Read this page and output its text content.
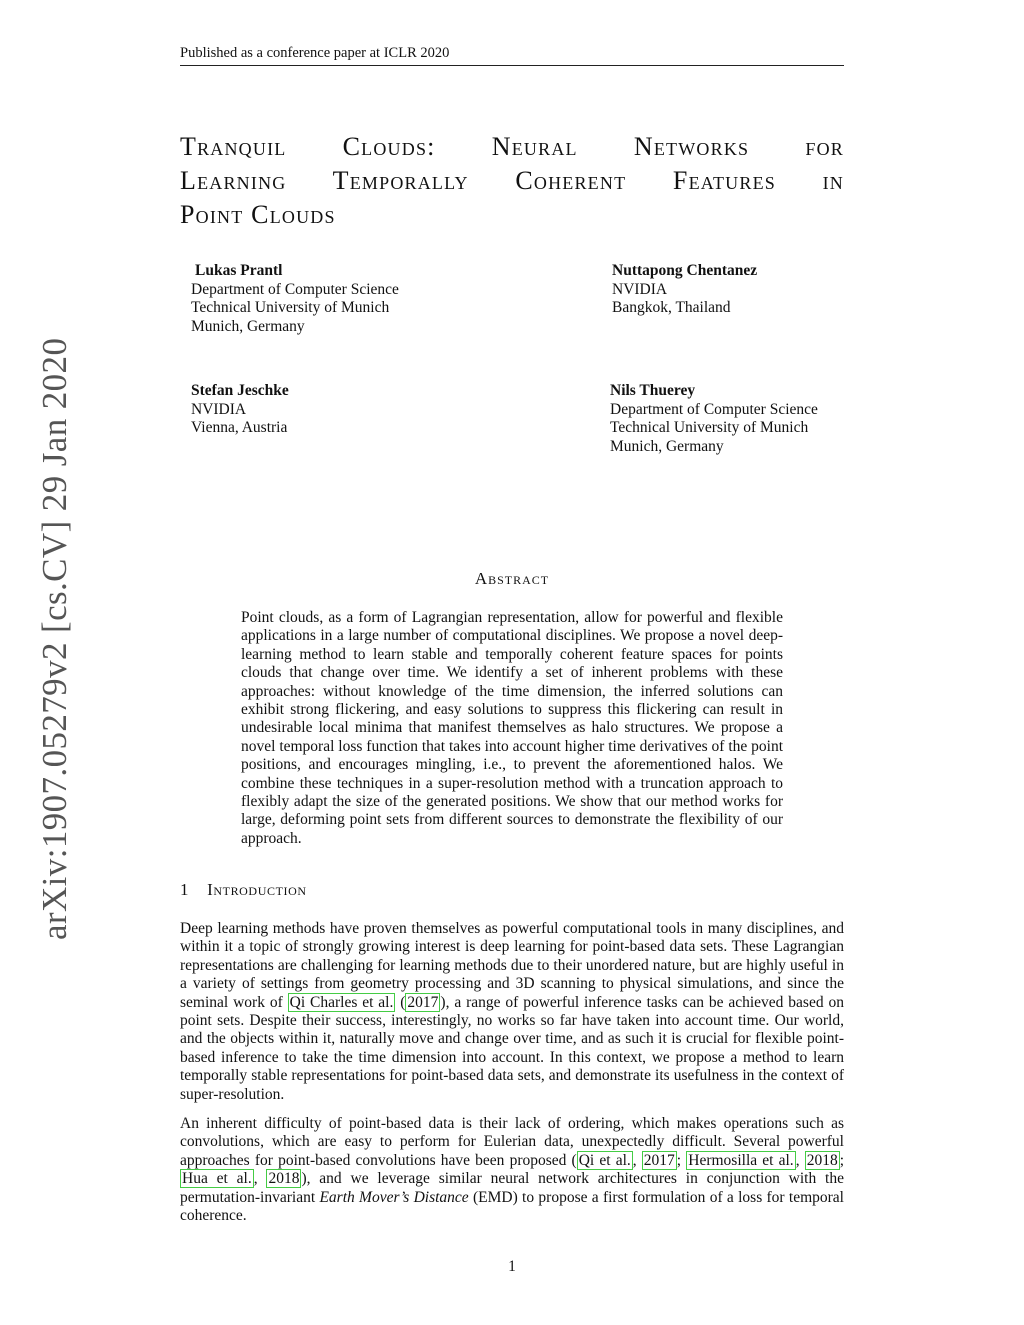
Published as a conference paper at ICLR 2020
Tranquil Clouds: Neural Networks for
Learning Temporally Coherent Features in
Point Clouds
Lukas Prantl
Department of Computer Science
Technical University of Munich
Munich, Germany
Nuttapong Chentanez
NVIDIA
Bangkok, Thailand
Stefan Jeschke
NVIDIA
Vienna, Austria
Nils Thuerey
Department of Computer Science
Technical University of Munich
Munich, Germany
arXiv:1907.05279v2 [cs.CV] 29 Jan 2020	Abstract
Point clouds, as a form of Lagrangian representation, allow for powerful and flexible applications in a large number of computational disciplines. We propose a novel deep-learning method to learn stable and temporally coherent feature spaces for points clouds that change over time. We identify a set of inherent problems with these approaches: without knowledge of the time dimension, the inferred solutions can exhibit strong flickering, and easy solutions to suppress this flickering can result in undesirable local minima that manifest themselves as halo structures. We propose a novel temporal loss function that takes into account higher time derivatives of the point positions, and encourages mingling, i.e., to prevent the aforementioned halos. We combine these techniques in a super-resolution method with a truncation approach to flexibly adapt the size of the generated positions. We show that our method works for large, deforming point sets from different sources to demonstrate the flexibility of our approach.
1 Introduction
Deep learning methods have proven themselves as powerful computational tools in many disciplines, and within it a topic of strongly growing interest is deep learning for point-based data sets. These Lagrangian representations are challenging for learning methods due to their unordered nature, but are highly useful in a variety of settings from geometry processing and 3D scanning to physical simulations, and since the seminal work of Qi Charles et al. ( 2017 ), a range of powerful inference tasks can be achieved based on point sets. Despite their success, interestingly, no works so far have taken into account time. Our world, and the objects within it, naturally move and change over time, and as such it is crucial for flexible point-based inference to take the time dimension into account. In this context, we propose a method to learn temporally stable representations for point-based data sets, and demonstrate its usefulness in the context of super-resolution.
An inherent difficulty of point-based data is their lack of ordering, which makes operations such as convolutions, which are easy to perform for Eulerian data, unexpectedly difficult. Several powerful approaches for point-based convolutions have been proposed ( Qi et al. , 2017 ; Hermosilla et al. , 2018 ; Hua et al. , 2018 ), and we leverage similar neural network architectures in conjunction with the permutation-invariant Earth Mover’s Distance (EMD) to propose a first formulation of a loss for temporal coherence.
1
